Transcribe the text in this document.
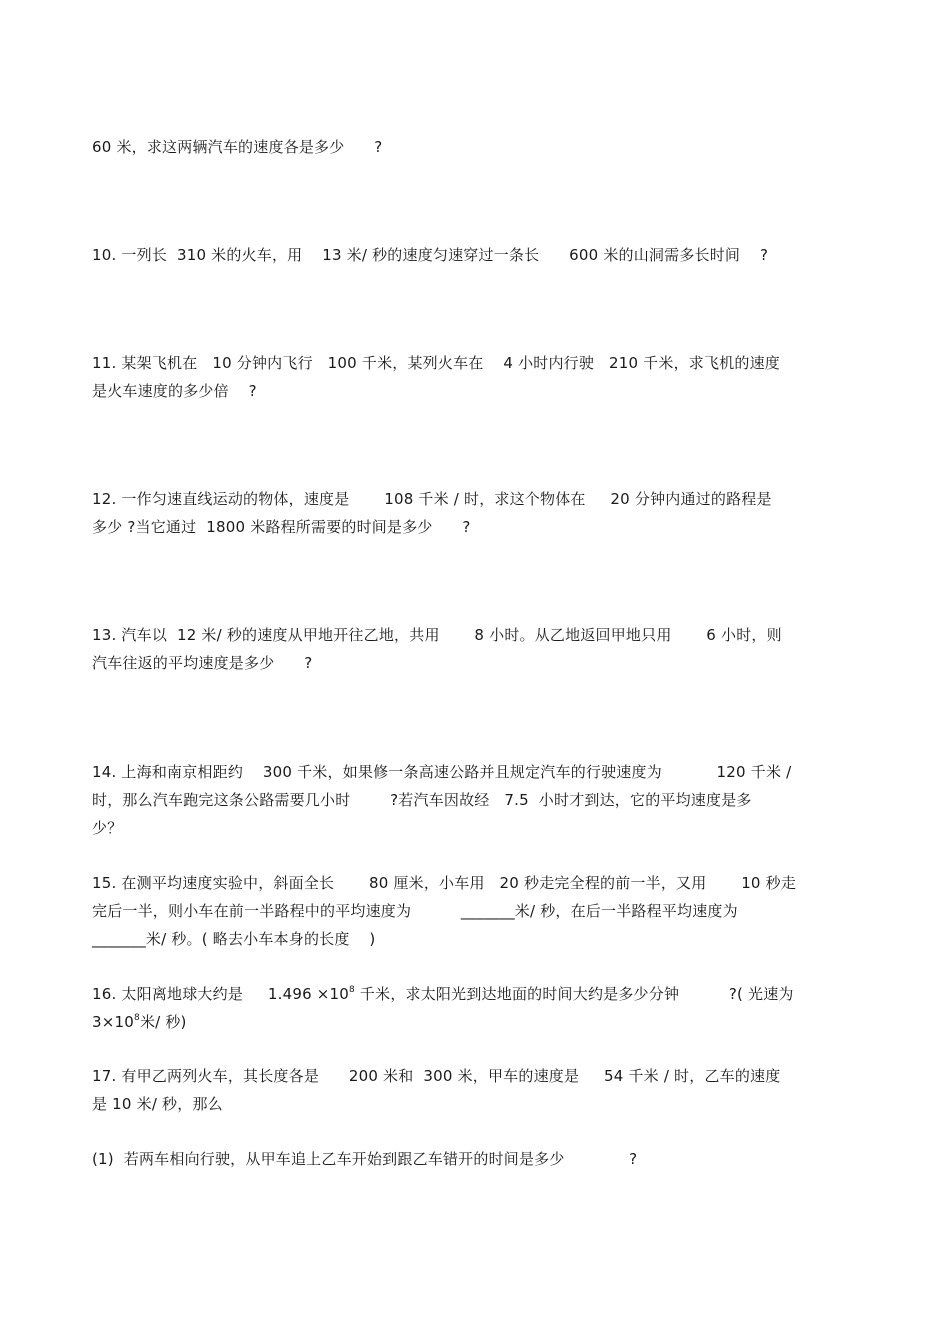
60 米，求这两辆汽车的速度各是多少      ?
10. 一列长  310 米的火车，用    13 米/ 秒的速度匀速穿过一条长      600 米的山洞需多长时间    ?
11. 某架飞机在   10 分钟内飞行   100 千米，某列火车在    4 小时内行驶   210 千米，求飞机的速度
是火车速度的多少倍    ?
12. 一作匀速直线运动的物体，速度是       108 千米 / 时，求这个物体在     20 分钟内通过的路程是
多少 ?当它通过  1800 米路程所需要的时间是多少      ?
13. 汽车以  12 米/ 秒的速度从甲地开往乙地，共用       8 小时。从乙地返回甲地只用       6 小时，则
汽车往返的平均速度是多少      ?
14. 上海和南京相距约    300 千米，如果修一条高速公路并且规定汽车的行驶速度为           120 千米 /
时，那么汽车跑完这条公路需要几小时        ?若汽车因故经   7.5  小时才到达，它的平均速度是多
少？
15. 在测平均速度实验中，斜面全长       80 厘米，小车用   20 秒走完全程的前一半，又用       10 秒走
完后一半，则小车在前一半路程中的平均速度为          _______米/ 秒，在后一半路程平均速度为
_______米/ 秒。( 略去小车本身的长度    )
16. 太阳离地球大约是     $1.496 \times 10^8$ 千米，求太阳光到达地面的时间大约是多少分钟          ?( 光速为
$3\times 10^8$米/ 秒)
17. 有甲乙两列火车，其长度各是      200 米和  300 米，甲车的速度是     54 千米 / 时，乙车的速度
是 10 米/ 秒，那么
(1)  若两车相向行驶，从甲车追上乙车开始到跟乙车错开的时间是多少             ?
